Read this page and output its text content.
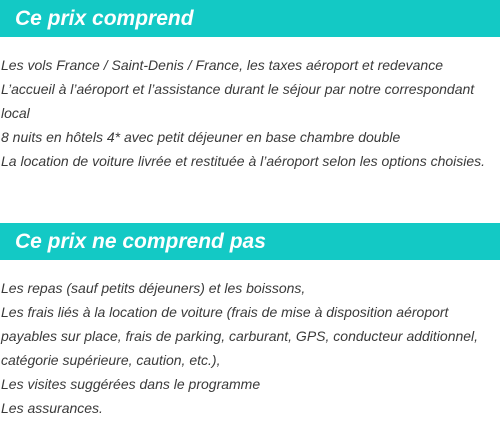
Ce prix comprend
Les vols France / Saint-Denis / France, les taxes aéroport et redevance
L’accueil à l’aéroport et l’assistance durant le séjour par notre correspondant local
8 nuits en hôtels 4* avec petit déjeuner en base chambre double
La location de voiture livrée et restituée à l’aéroport selon les options choisies.
Ce prix ne comprend pas
Les repas (sauf petits déjeuners) et les boissons,
Les frais liés à la location de voiture (frais de mise à disposition aéroport payables sur place, frais de parking, carburant, GPS, conducteur additionnel, catégorie supérieure, caution, etc.),
Les visites suggérées dans le programme
Les assurances.
